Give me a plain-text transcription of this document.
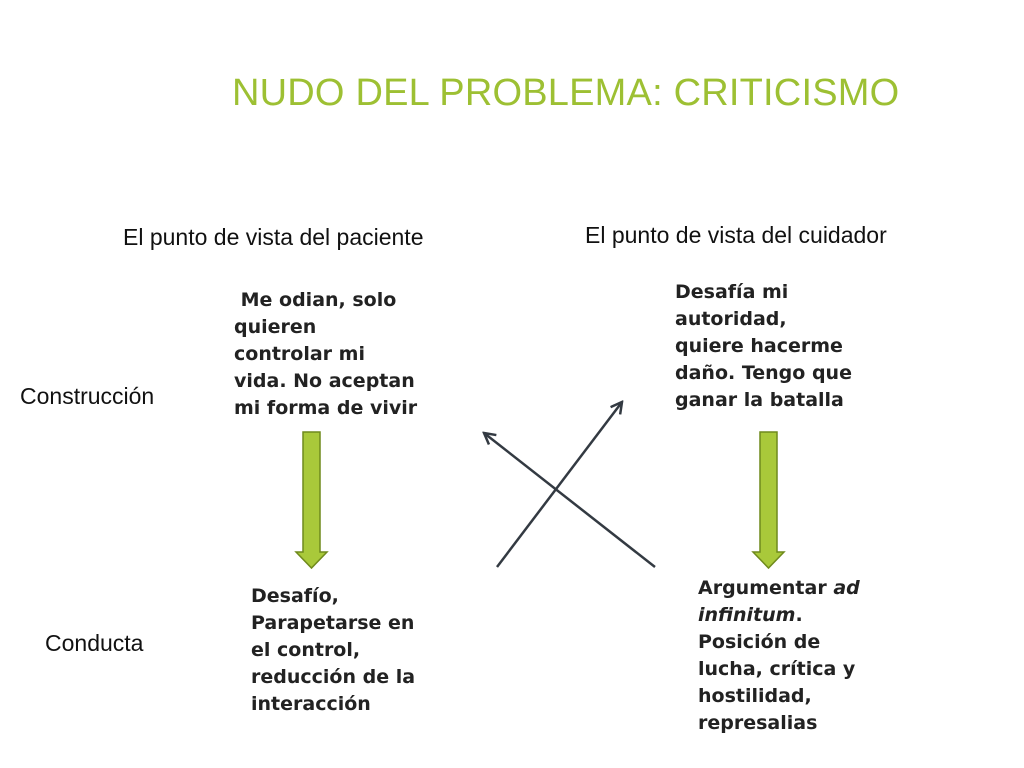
NUDO DEL PROBLEMA: CRITICISMO
El punto de vista del paciente	El punto de vista del cuidador
Construcción
Conducta

Me odian, solo

quieren

controlar mi

vida. No aceptan

mi forma de vivir

Desafía mi

autoridad,

quiere hacerme

daño. Tengo que

ganar la batalla

Desafío,

Parapetarse en

el control,

reducción de la

interacción

Argumentar ad

infinitum.

Posición de

lucha, crítica y

hostilidad,

represalias
